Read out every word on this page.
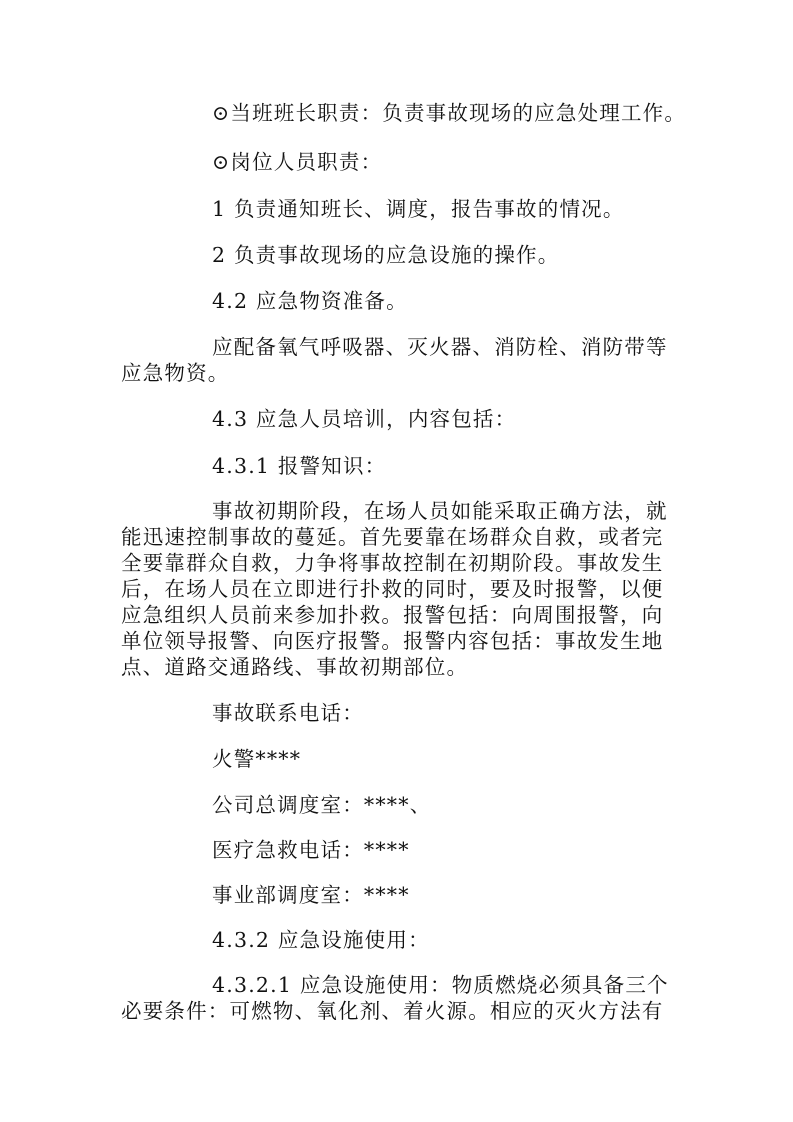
⊙当班班长职责：负责事故现场的应急处理工作。
⊙岗位人员职责：
1 负责通知班长、调度，报告事故的情况。
2 负责事故现场的应急设施的操作。
4.2 应急物资准备。
应配备氧气呼吸器、灭火器、消防栓、消防带等
应急物资。
4.3 应急人员培训，内容包括：
4.3.1 报警知识：
事故初期阶段，在场人员如能采取正确方法，就
能迅速控制事故的蔓延。首先要靠在场群众自救，或者完
全要靠群众自救，力争将事故控制在初期阶段。事故发生
后，在场人员在立即进行扑救的同时，要及时报警，以便
应急组织人员前来参加扑救。报警包括：向周围报警，向
单位领导报警、向医疗报警。报警内容包括：事故发生地
点、道路交通路线、事故初期部位。
事故联系电话：
火警****
公司总调度室：****、
医疗急救电话：****
事业部调度室：****
4.3.2 应急设施使用：
4.3.2.1 应急设施使用：物质燃烧必须具备三个
必要条件：可燃物、氧化剂、着火源。相应的灭火方法有
